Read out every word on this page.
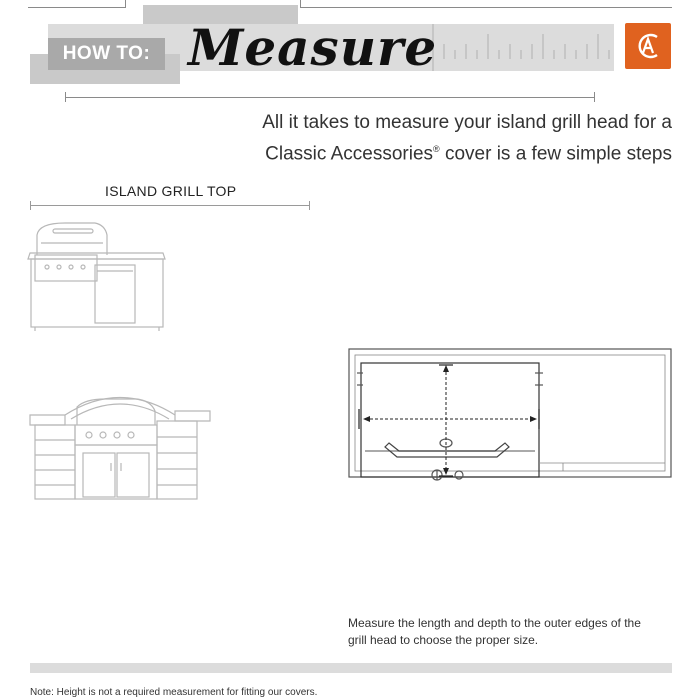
HOW TO: Measure
All it takes to measure your island grill head for a
Classic Accessories® cover is a few simple steps
ISLAND GRILL TOP
Measure the length and depth to the outer edges of the
grill head to choose the proper size.
Note: Height is not a required measurement for fitting our covers.
